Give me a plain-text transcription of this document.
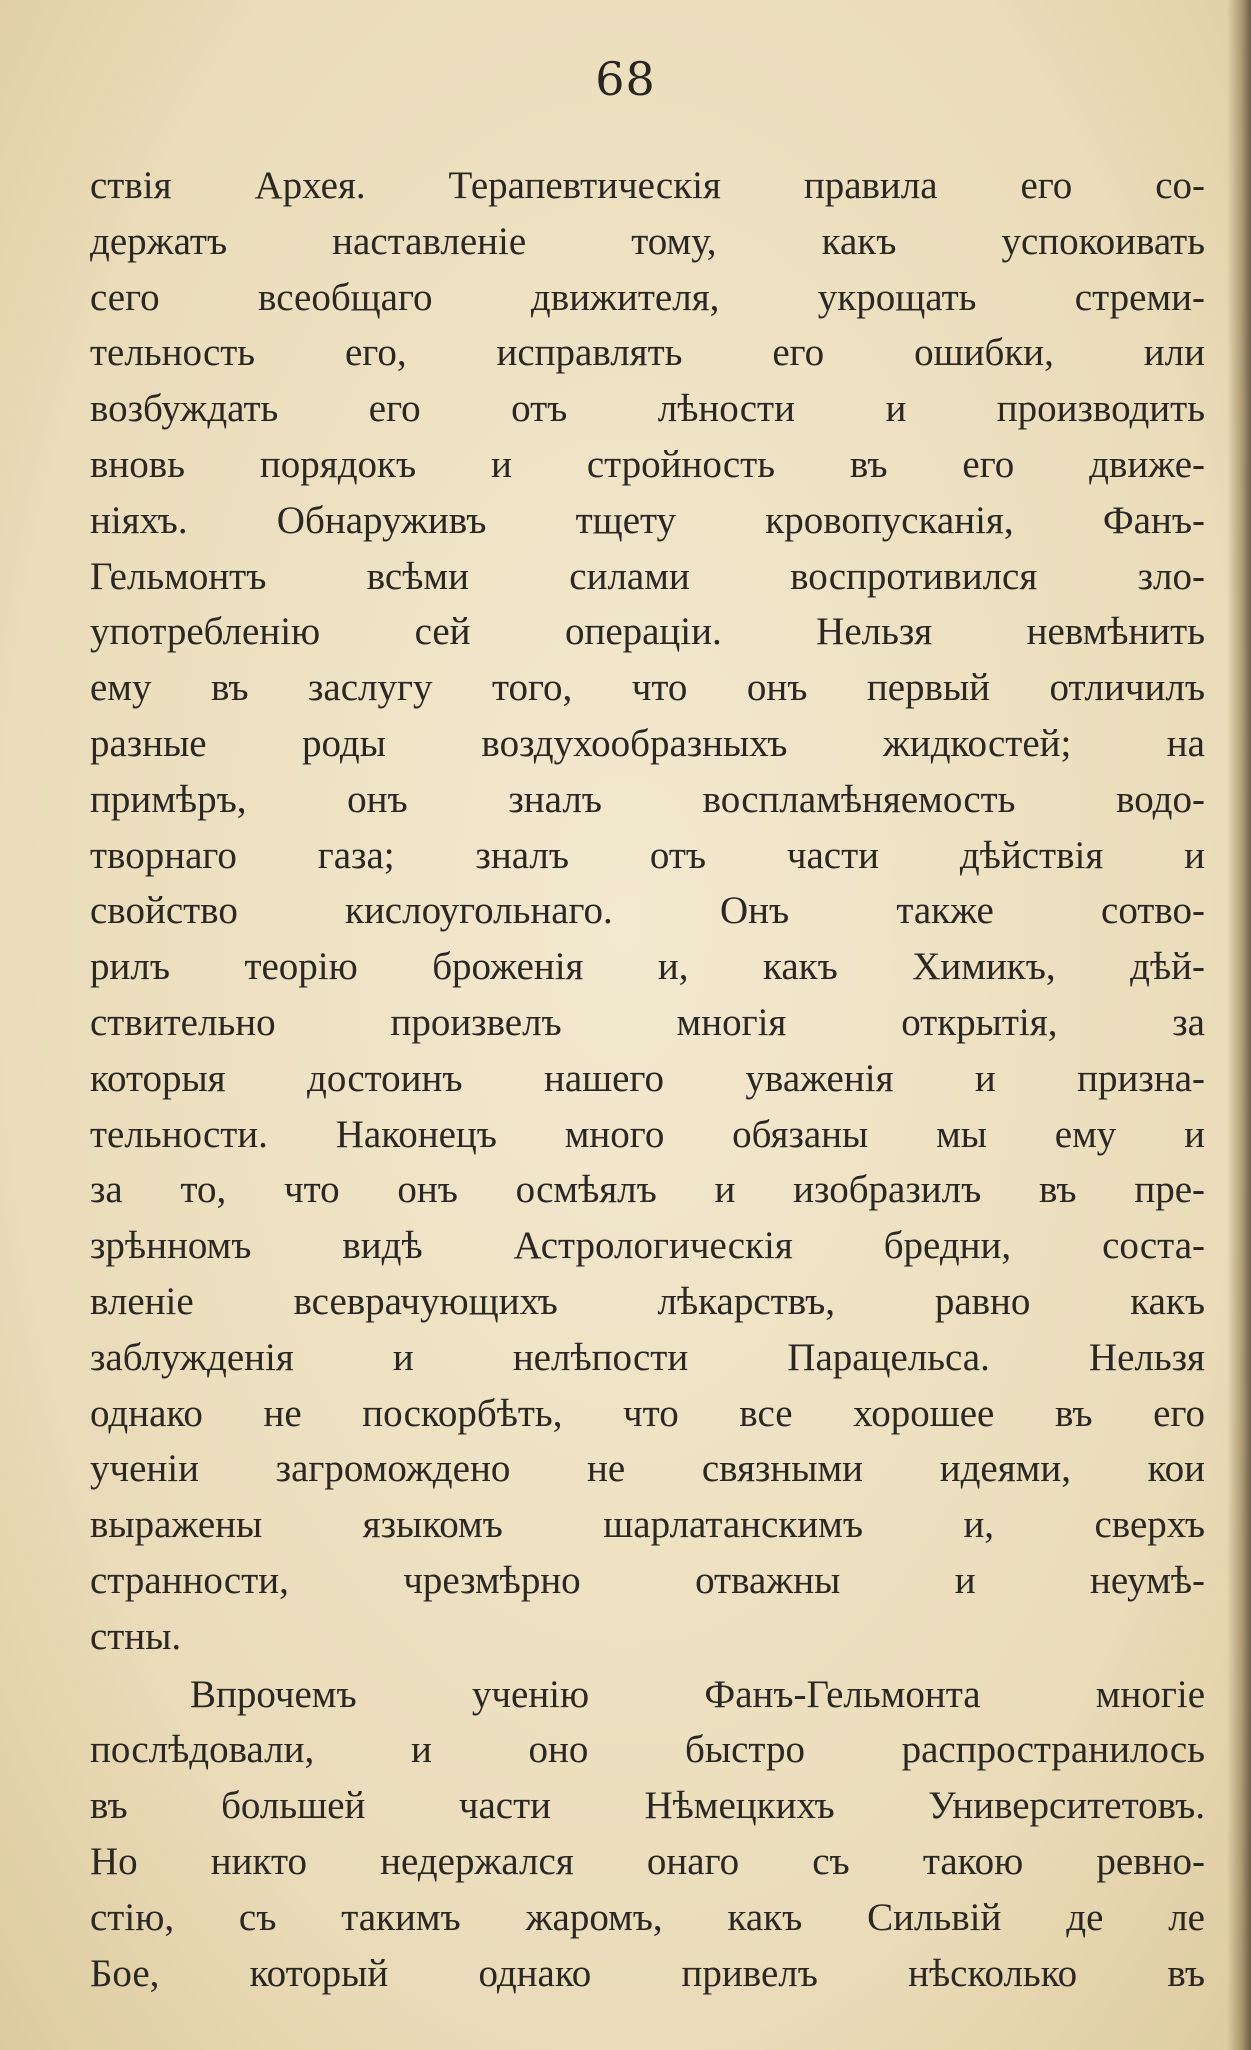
68
ствія Архея. Терапевтическія правила его со-
держатъ наставленіе тому, какъ успокоивать
сего всеобщаго движителя, укрощать стреми-
тельность его, исправлять его ошибки, или
возбуждать его отъ лѣности и производить
вновь порядокъ и стройность въ его движе-
ніяхъ. Обнаруживъ тщету кровопусканія, Фанъ-
Гельмонтъ всѣми силами воспротивился зло-
употребленію сей операціи. Нельзя невмѣнить
ему въ заслугу того, что онъ первый отличилъ
разные роды воздухообразныхъ жидкостей; на
примѣръ, онъ зналъ воспламѣняемость водо-
творнаго газа; зналъ отъ части дѣйствія и
свойство кислоугольнаго. Онъ также сотво-
рилъ теорію броженія и, какъ Химикъ, дѣй-
ствительно произвелъ многія открытія, за
которыя достоинъ нашего уваженія и призна-
тельности. Наконецъ много обязаны мы ему и
за то, что онъ осмѣялъ и изобразилъ въ пре-
зрѣнномъ видѣ Астрологическія бредни, соста-
вленіе всеврачующихъ лѣкарствъ, равно какъ
заблужденія и нелѣпости Парацельса. Нельзя
однако не поскорбѣть, что все хорошее въ его
ученіи загромождено не связными идеями, кои
выражены языкомъ шарлатанскимъ и, сверхъ
странности, чрезмѣрно отважны и неумѣ-
стны.
Впрочемъ ученію Фанъ-Гельмонта многіе
послѣдовали, и оно быстро распространилось
въ большей части Нѣмецкихъ Университетовъ.
Но никто недержался онаго съ такою ревно-
стію, съ такимъ жаромъ, какъ Сильвій де ле
Бое, который однако привелъ нѣсколько въ
